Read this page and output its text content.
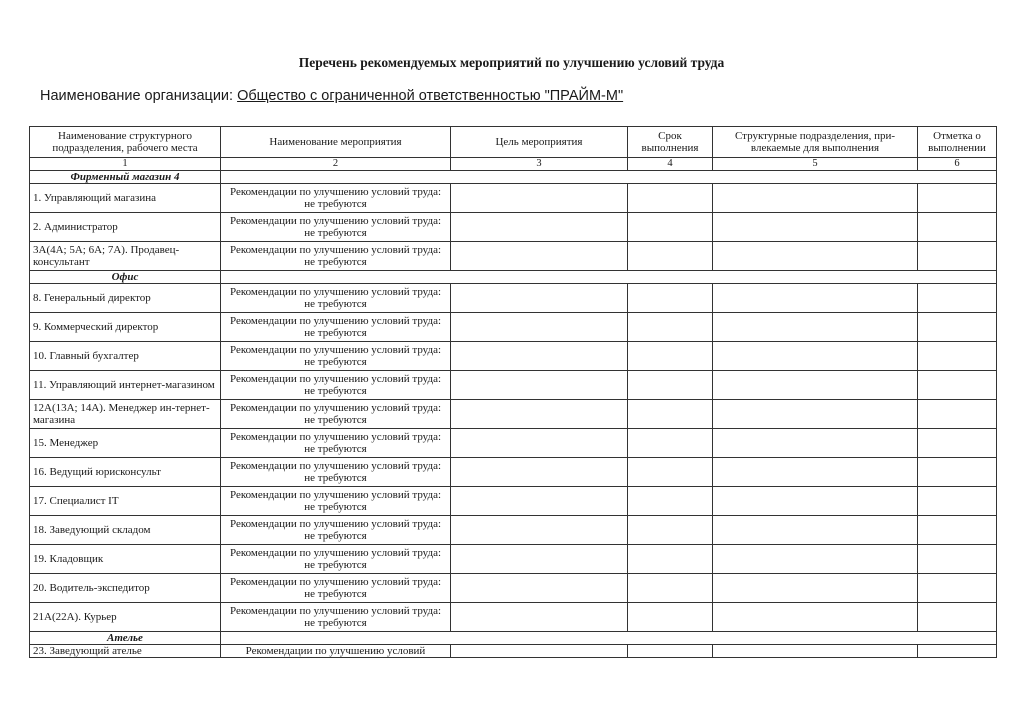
Перечень рекомендуемых мероприятий по улучшению условий труда
Наименование организации: Общество с ограниченной ответственностью "ПРАЙМ-М"
Наименование структурного подразделения, рабочего места	Наименование мероприятия	Цель мероприятия	Срок выполнения	Структурные подразделения, при-влекаемые для выполнения	Отметка о выполнении
1	2	3	4	5	6
Фирменный магазин 4					
1. Управляющий магазина	Рекомендации по улучшению условий труда: не требуются				
2. Администратор	Рекомендации по улучшению условий труда: не требуются				
3А(4А; 5А; 6А; 7А). Продавец-консультант	Рекомендации по улучшению условий труда: не требуются				
Офис					
8. Генеральный директор	Рекомендации по улучшению условий труда: не требуются				
9. Коммерческий директор	Рекомендации по улучшению условий труда: не требуются				
10. Главный бухгалтер	Рекомендации по улучшению условий труда: не требуются				
11. Управляющий интернет-магазином	Рекомендации по улучшению условий труда: не требуются				
12А(13А; 14А). Менеджер ин-тернет-магазина	Рекомендации по улучшению условий труда: не требуются				
15. Менеджер	Рекомендации по улучшению условий труда: не требуются				
16. Ведущий юрисконсульт	Рекомендации по улучшению условий труда: не требуются				
17. Специалист IT	Рекомендации по улучшению условий труда: не требуются				
18. Заведующий складом	Рекомендации по улучшению условий труда: не требуются				
19. Кладовщик	Рекомендации по улучшению условий труда: не требуются				
20. Водитель-экспедитор	Рекомендации по улучшению условий труда: не требуются				
21А(22А). Курьер	Рекомендации по улучшению условий труда: не требуются				
Ателье					
23. Заведующий ателье	Рекомендации по улучшению условий				
